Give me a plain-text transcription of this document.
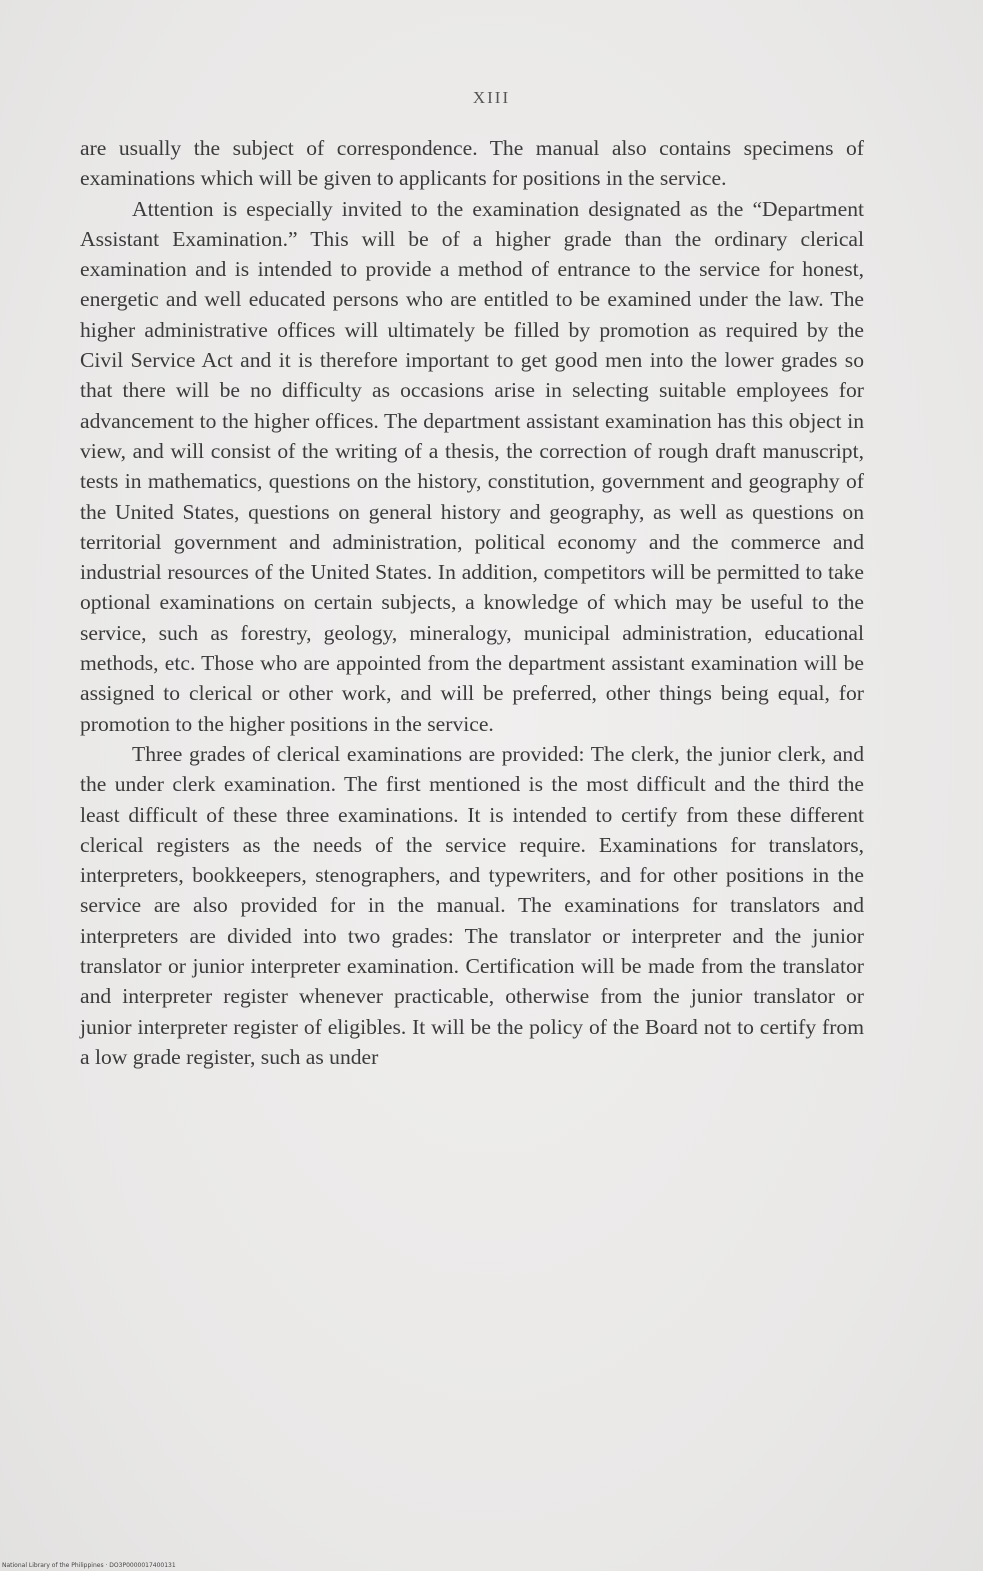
XIII

are usually the subject of correspondence. The manual also contains specimens of examinations which will be given to applicants for positions in the service.

Attention is especially invited to the examination designated as the “Department Assistant Examination.” This will be of a higher grade than the ordinary clerical examination and is intended to provide a method of entrance to the service for honest, energetic and well educated persons who are entitled to be examined under the law. The higher administrative offices will ultimately be filled by promotion as required by the Civil Service Act and it is therefore important to get good men into the lower grades so that there will be no difficulty as occasions arise in selecting suitable employees for advancement to the higher offices. The department assistant examination has this object in view, and will consist of the writing of a thesis, the correction of rough draft manuscript, tests in mathematics, questions on the history, constitution, government and geography of the United States, questions on general history and geography, as well as questions on territorial government and administration, political economy and the commerce and industrial resources of the United States. In addition, competitors will be permitted to take optional examinations on certain subjects, a knowledge of which may be useful to the service, such as forestry, geology, mineralogy, municipal administration, educational methods, etc. Those who are appointed from the department assistant examination will be assigned to clerical or other work, and will be preferred, other things being equal, for promotion to the higher positions in the service.

Three grades of clerical examinations are provided: The clerk, the junior clerk, and the under clerk examination. The first mentioned is the most difficult and the third the least difficult of these three examinations. It is intended to certify from these different clerical registers as the needs of the service require. Examinations for translators, interpreters, bookkeepers, stenographers, and typewriters, and for other positions in the service are also provided for in the manual. The examinations for translators and interpreters are divided into two grades: The translator or interpreter and the junior translator or junior interpreter examination. Certification will be made from the translator and interpreter register whenever practicable, otherwise from the junior translator or junior interpreter register of eligibles. It will be the policy of the Board not to certify from a low grade register, such as under

National Library of the Philippines · DO3P0000017400131
